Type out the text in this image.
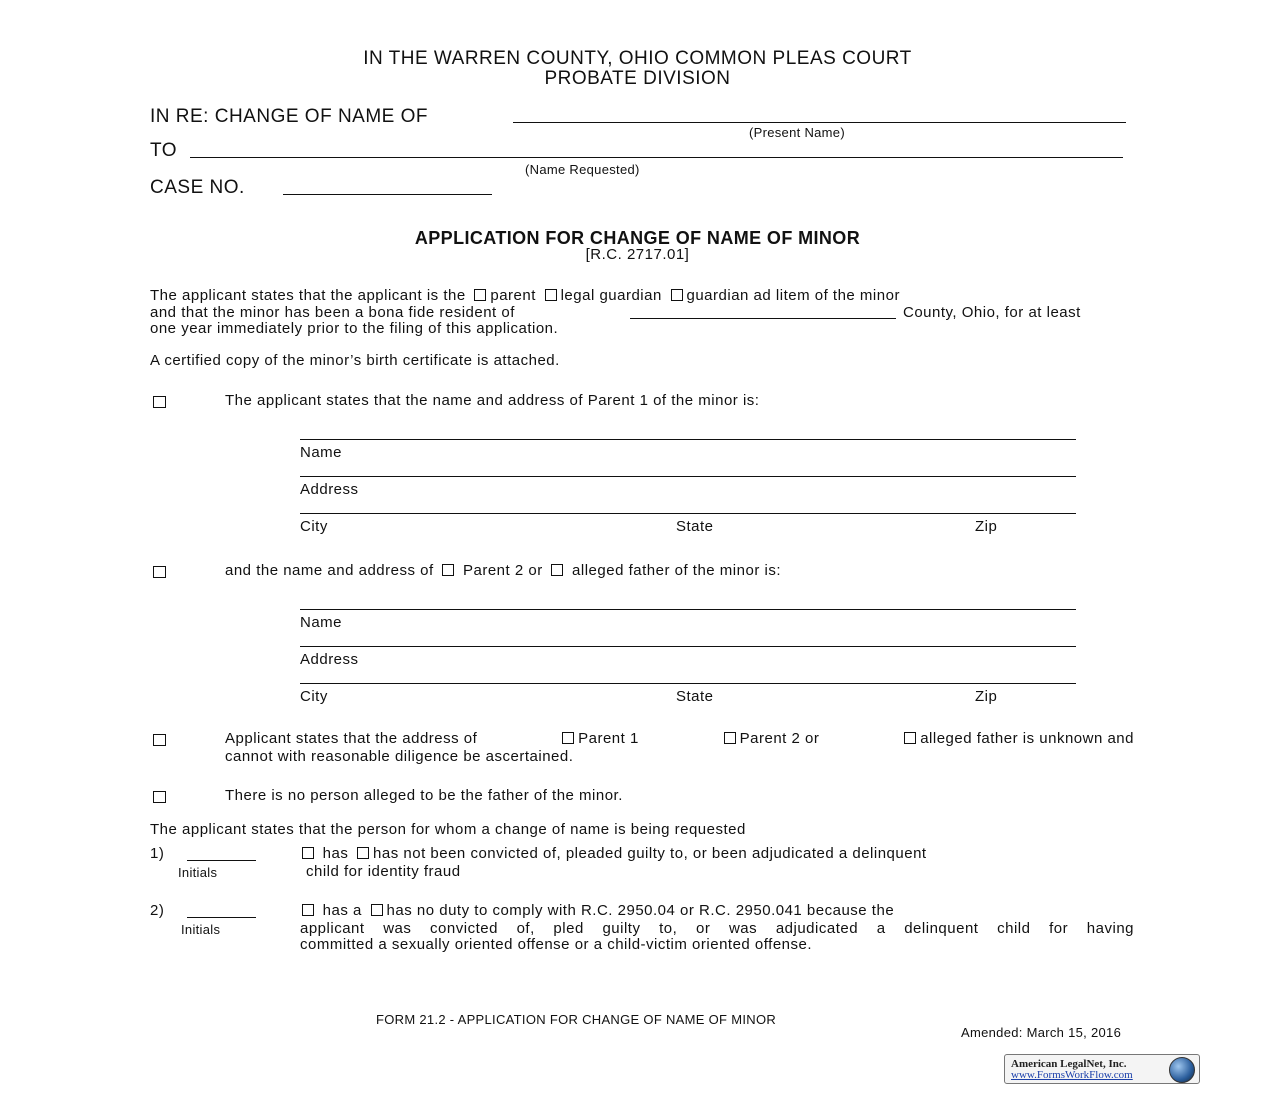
IN THE WARREN COUNTY, OHIO COMMON PLEAS COURT
PROBATE DIVISION
IN RE: CHANGE OF NAME OF
(Present Name)
TO
(Name Requested)
CASE NO.
APPLICATION FOR CHANGE OF NAME OF MINOR
[R.C. 2717.01]
The applicant states that the applicant is the parent legal guardian guardian ad litem of the minor
and that the minor has been a bona fide resident of	County, Ohio, for at least
one year immediately prior to the filing of this application.
A certified copy of the minor’s birth certificate is attached.
The applicant states that the name and address of Parent 1 of the minor is:
Name
Address
City	State	Zip
and the name and address of Parent 2 or alleged father of the minor is:
Name
Address
City	State	Zip
Applicant states that the address of	Parent 1	Parent 2 or	alleged father is unknown and
cannot with reasonable diligence be ascertained.
There is no person alleged to be the father of the minor.
The applicant states that the person for whom a change of name is being requested
1)
Initials
has has not been convicted of, pleaded guilty to, or been adjudicated a delinquent
child for identity fraud
2)
Initials
has a has no duty to comply with R.C. 2950.04 or R.C. 2950.041 because the
applicant was convicted of, pled guilty to, or was adjudicated a delinquent child for having
committed a sexually oriented offense or a child-victim oriented offense.
FORM 21.2 - APPLICATION FOR CHANGE OF NAME OF MINOR
Amended: March 15, 2016
American LegalNet, Inc.
www.FormsWorkFlow.com
